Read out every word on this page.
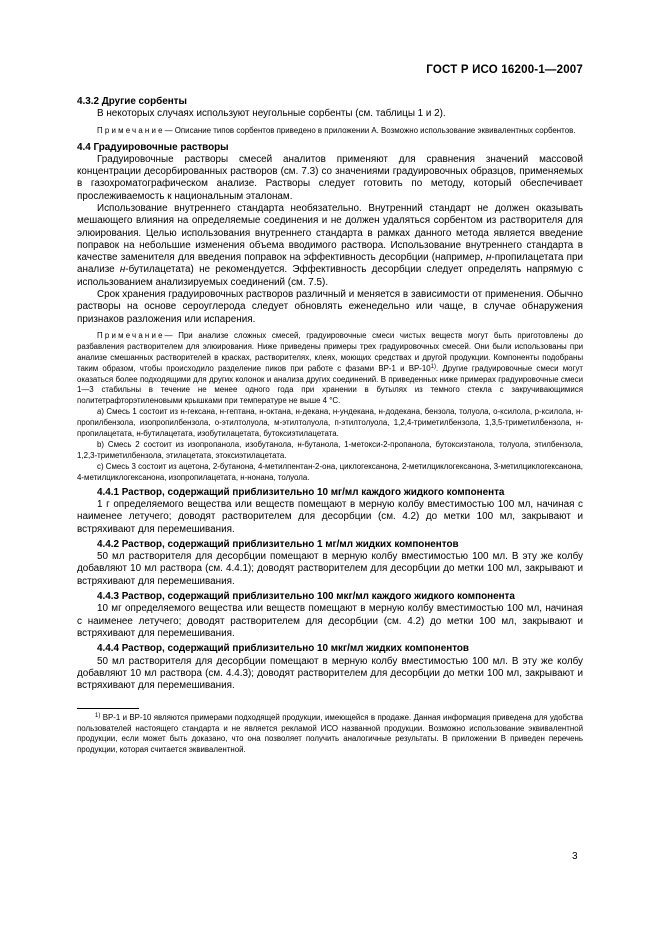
ГОСТ Р ИСО 16200-1—2007

4.3.2 Другие сорбенты

В некоторых случаях используют неугольные сорбенты (см. таблицы 1 и 2).

Примечание— Описание типов сорбентов приведено в приложении А. Возможно использование эквивалентных сорбентов.

4.4 Градуировочные растворы

Градуировочные растворы смесей аналитов применяют для сравнения значений массовой концентрации десорбированных растворов (см. 7.3) со значениями градуировочных образцов, применяемых в газохроматографическом анализе. Растворы следует готовить по методу, который обеспечивает прослеживаемость к национальным эталонам.

Использование внутреннего стандарта необязательно. Внутренний стандарт не должен оказывать мешающего влияния на определяемые соединения и не должен удаляться сорбентом из растворителя для элюирования. Целью использования внутреннего стандарта в рамках данного метода является введение поправок на небольшие изменения объема вводимого раствора. Использование внутреннего стандарта в качестве заменителя для введения поправок на эффективность десорбции (например, н-пропилацетата при анализе н-бутилацетата) не рекомендуется. Эффективность десорбции следует определять напрямую с использованием анализируемых соединений (см. 7.5).

Срок хранения градуировочных растворов различный и меняется в зависимости от применения. Обычно растворы на основе сероуглерода следует обновлять еженедельно или чаще, в случае обнаружения признаков разложения или испарения.

Примечание— При анализе сложных смесей, градуировочные смеси чистых веществ могут быть приготовлены до разбавления растворителем для элюирования. Ниже приведены примеры трех градуировочных смесей. Они были использованы при анализе смешанных растворителей в красках, растворителях, клеях, моющих средствах и другой продукции. Компоненты подобраны таким образом, чтобы происходило разделение пиков при работе с фазами ВР-1 и ВР-10$^{1)}$. Другие градуировочные смеси могут оказаться более подходящими для других колонок и анализа других соединений. В приведенных ниже примерах градуировочные смеси 1—3 стабильны в течение не менее одного года при хранении в бутылях из темного стекла с закручивающимися политетрафторэтиленовыми крышками при температуре не выше 4 °С.

а) Смесь 1 состоит из н-гексана, н-гептана, н-октана, н-декана, н-ундекана, н-додекана, бензола, толуола, о-ксилола, р-ксилола, н-пропилбензола, изопропилбензола, о-этилтолуола, м-этилтолуола, п-этилтолуола, 1,2,4-триметилбензола, 1,3,5-триметилбензола, н-пропилацетата, н-бутилацетата, изобутилацетата, бутоксиэтилацетата.

b) Смесь 2 состоит из изопропанола, изобутанола, н-бутанола, 1-метокси-2-пропанола, бутоксиэтанола, толуола, этилбензола, 1,2,3-триметилбензола, этилацетата, этоксиэтилацетата.

с) Смесь 3 состоит из ацетона, 2-бутанона, 4-метилпентан-2-она, циклогексанона, 2-метилциклогексанона, 3-метилциклогексанона, 4-метилциклогексанона, изопропилацетата, н-нонана, толуола.

4.4.1 Раствор, содержащий приблизительно 10 мг/мл каждого жидкого компонента

1 г определяемого вещества или веществ помещают в мерную колбу вместимостью 100 мл, начиная с наименее летучего; доводят растворителем для десорбции (см. 4.2) до метки 100 мл, закрывают и встряхивают для перемешивания.

4.4.2 Раствор, содержащий приблизительно 1 мг/мл жидких компонентов

50 мл растворителя для десорбции помещают в мерную колбу вместимостью 100 мл. В эту же колбу добавляют 10 мл раствора (см. 4.4.1); доводят растворителем для десорбции до метки 100 мл, закрывают и встряхивают для перемешивания.

4.4.3 Раствор, содержащий приблизительно 100 мкг/мл каждого жидкого компонента

10 мг определяемого вещества или веществ помещают в мерную колбу вместимостью 100 мл, начиная с наименее летучего; доводят растворителем для десорбции (см. 4.2) до метки 100 мл, закрывают и встряхивают для перемешивания.

4.4.4 Раствор, содержащий приблизительно 10 мкг/мл жидких компонентов

50 мл растворителя для десорбции помещают в мерную колбу вместимостью 100 мл. В эту же колбу добавляют 10 мл раствора (см. 4.4.3); доводят растворителем для десорбции до метки 100 мл, закрывают и встряхивают для перемешивания.

$^{1)}$ ВР-1 и ВР-10 являются примерами подходящей продукции, имеющейся в продаже. Данная информация приведена для удобства пользователей настоящего стандарта и не является рекламой ИСО названной продукции. Возможно использование эквивалентной продукции, если может быть доказано, что она позволяет получить аналогичные результаты. В приложении В приведен перечень продукции, которая считается эквивалентной.

3
